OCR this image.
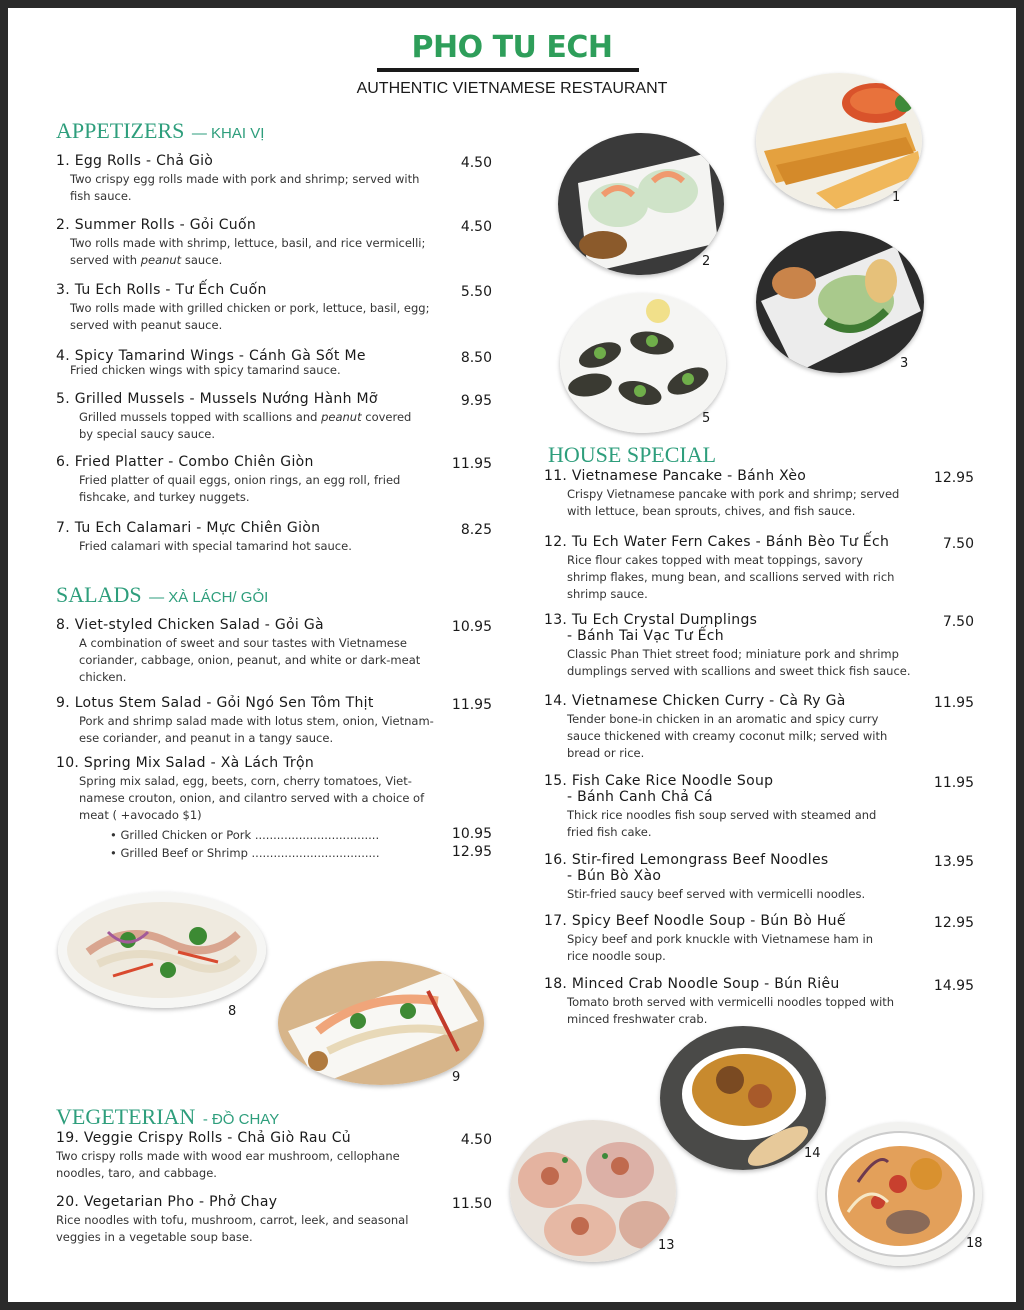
PHO TU ECH
AUTHENTIC VIETNAMESE RESTAURANT
APPETIZERS — KHAI VỊ
SALADS — XÀ LÁCH/ GỎI
VEGETERIAN - ĐỒ CHAY
HOUSE SPECIAL
1. Egg Rolls - Chả Giò
Two crispy egg rolls made with pork and shrimp; served with fish sauce.
4.50
2. Summer Rolls - Gỏi Cuốn
Two rolls made with shrimp, lettuce, basil, and rice vermicelli; served with peanut sauce.
4.50
3. Tu Ech Rolls - Tư Ếch Cuốn
Two rolls made with grilled chicken or pork, lettuce, basil, egg; served with peanut sauce.
5.50
4. Spicy Tamarind Wings - Cánh Gà Sốt Me
Fried chicken wings with spicy tamarind sauce.
8.50
5. Grilled Mussels - Mussels Nướng Hành Mỡ
Grilled mussels topped with scallions and peanut covered by special saucy sauce.
9.95
6. Fried Platter - Combo Chiên Giòn
Fried platter of quail eggs, onion rings, an egg roll, fried fishcake, and turkey nuggets.
11.95
7. Tu Ech Calamari - Mực Chiên Giòn
Fried calamari with special tamarind hot sauce.
8.25
8. Viet-styled Chicken Salad - Gỏi Gà
A combination of sweet and sour tastes with Vietnamese coriander, cabbage, onion, peanut, and white or dark-meat chicken.
10.95
9. Lotus Stem Salad - Gỏi Ngó Sen Tôm Thịt
Pork and shrimp salad made with lotus stem, onion, Vietnam-ese coriander, and peanut in a tangy sauce.
11.95
10. Spring Mix Salad - Xà Lách Trộn
Spring mix salad, egg, beets, corn, cherry tomatoes, Viet-namese crouton, onion, and cilantro served with a choice of meat ( +avocado $1)
• Grilled Chicken or Pork ..................................	10.95
• Grilled Beef or Shrimp ...................................	12.95
19. Veggie Crispy Rolls - Chả Giò Rau Củ
Two crispy rolls made with wood ear mushroom, cellophane noodles, taro, and cabbage.
4.50
20. Vegetarian Pho - Phở Chay
Rice noodles with tofu, mushroom, carrot, leek, and seasonal veggies in a vegetable soup base.
11.50
11. Vietnamese Pancake - Bánh Xèo
Crispy Vietnamese pancake with pork and shrimp; served with lettuce, bean sprouts, chives, and fish sauce.
12.95
12. Tu Ech Water Fern Cakes - Bánh Bèo Tư Ếch
Rice flour cakes topped with meat toppings, savory shrimp flakes, mung bean, and scallions served with rich shrimp sauce.
7.50
13. Tu Ech Crystal Dumplings
- Bánh Tai Vạc Tư Ếch
Classic Phan Thiet street food; miniature pork and shrimp dumplings served with scallions and sweet thick fish sauce.
7.50
14. Vietnamese Chicken Curry - Cà Ry Gà
Tender bone-in chicken in an aromatic and spicy curry sauce thickened with creamy coconut milk; served with bread or rice.
11.95
15. Fish Cake Rice Noodle Soup
- Bánh Canh Chả Cá
Thick rice noodles fish soup served with steamed and fried fish cake.
11.95
16. Stir-fired Lemongrass Beef Noodles
- Bún Bò Xào
Stir-fried saucy beef served with vermicelli noodles.
13.95
17. Spicy Beef Noodle Soup - Bún Bò Huế
Spicy beef and pork knuckle with Vietnamese ham in rice noodle soup.
12.95
18. Minced Crab Noodle Soup - Bún Riêu
Tomato broth served with vermicelli noodles topped with minced freshwater crab.
14.95
1
2
3
5
8
9
14
13	18
